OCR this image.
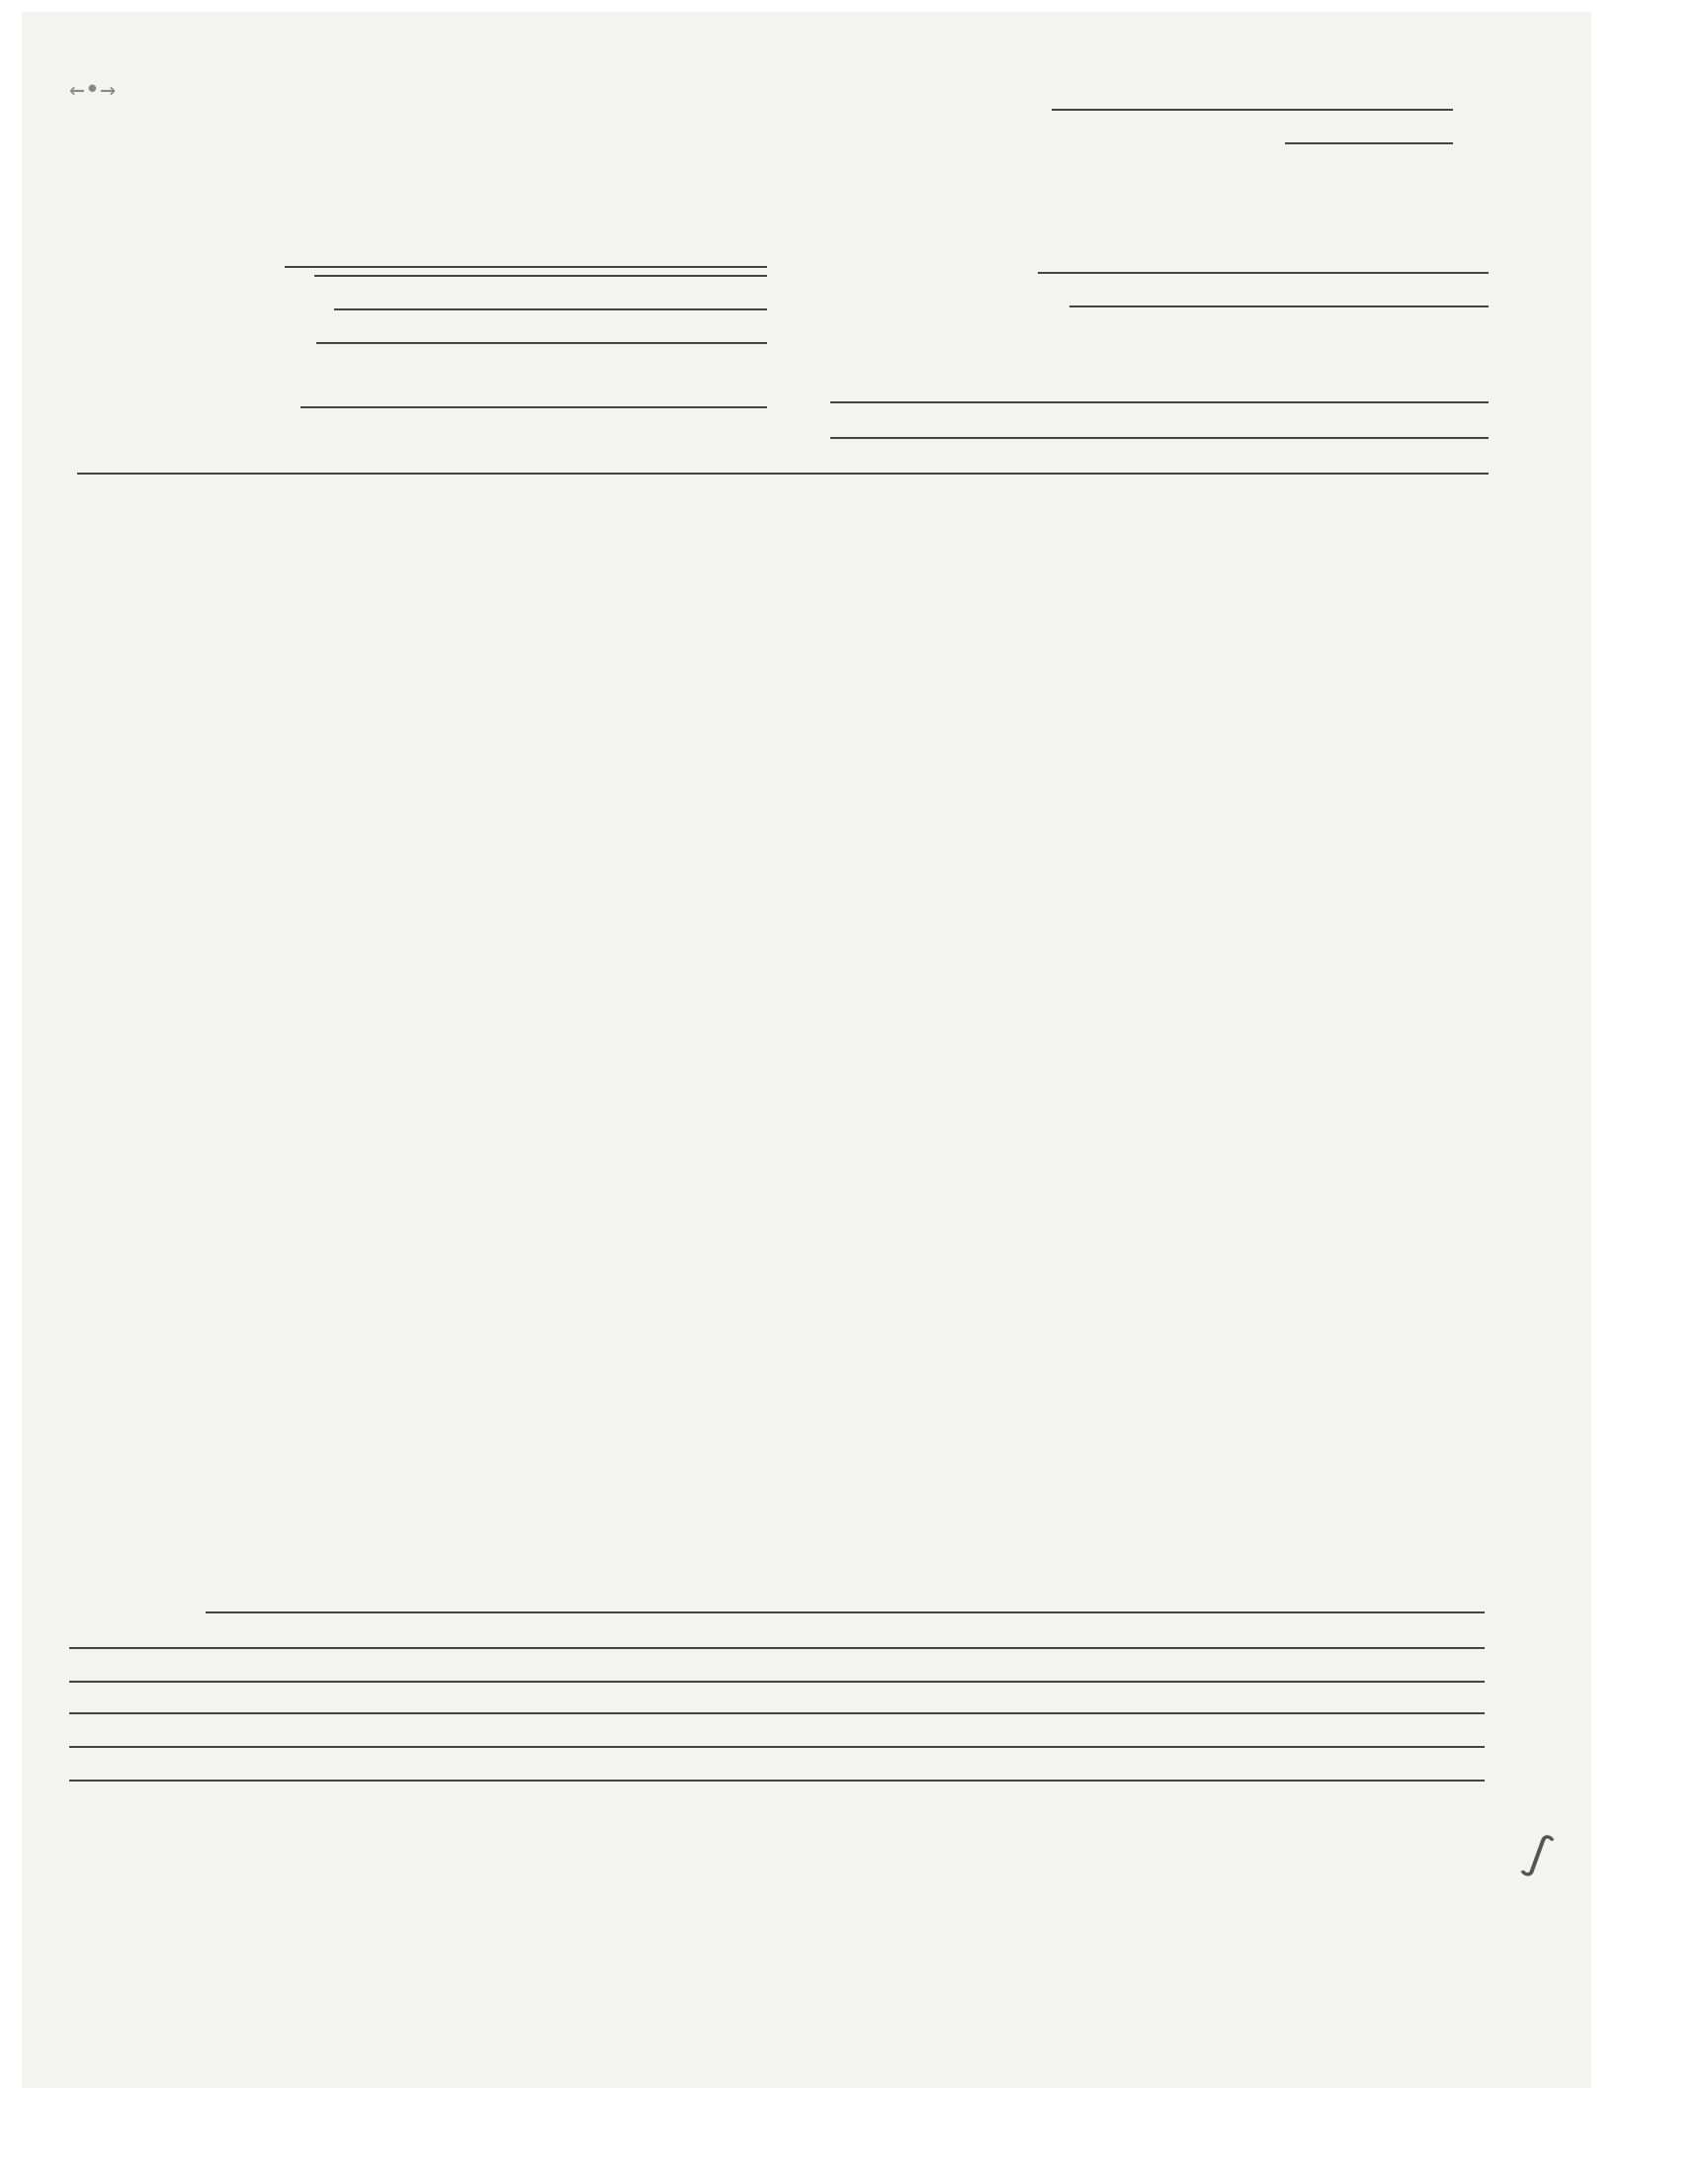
←•→
∫
